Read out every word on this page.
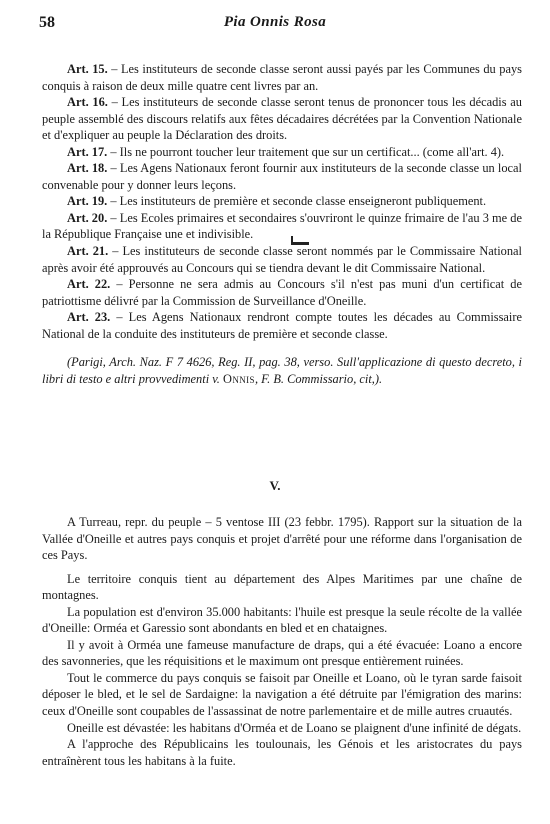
58	Pia Onnis Rosa

Art. 15. – Les instituteurs de seconde classe seront aussi payés par les Communes du pays conquis à raison de deux mille quatre cent livres par an.

Art. 16. – Les instituteurs de seconde classe seront tenus de prononcer tous les décadis au peuple assemblé des discours relatifs aux fêtes décadaires décrétées par la Convention Nationale et d'expliquer au peuple la Déclaration des droits.

Art. 17. – Ils ne pourront toucher leur traitement que sur un certificat... (come all'art. 4).

Art. 18. – Les Agens Nationaux feront fournir aux instituteurs de la seconde classe un local convenable pour y donner leurs leçons.

Art. 19. – Les instituteurs de première et seconde classe enseigneront publiquement.

Art. 20. – Les Ecoles primaires et secondaires s'ouvriront le quinze frimaire de l'au 3 me de la République Française une et indivisible.

Art. 21. – Les instituteurs de seconde classe seront nommés par le Commissaire National après avoir été approuvés au Concours qui se tiendra devant le dit Commissaire National.

Art. 22. – Personne ne sera admis au Concours s'il n'est pas muni d'un certificat de patriottisme délivré par la Commission de Surveillance d'Oneille.

Art. 23. – Les Agens Nationaux rendront compte toutes les décades au Commissaire National de la conduite des instituteurs de première et seconde classe.

(Parigi, Arch. Naz. F 7 4626, Reg. II, pag. 38, verso. Sull'applicazione di questo decreto, i libri di testo e altri provvedimenti v. Onnis, F. B. Commissario, cit,).

V.

A Turreau, repr. du peuple – 5 ventose III (23 febbr. 1795). Rapport sur la situation de la Vallée d'Oneille et autres pays conquis et projet d'arrêté pour une réforme dans l'organisation de ces Pays.

Le territoire conquis tient au département des Alpes Maritimes par une chaîne de montagnes.

La population est d'environ 35.000 habitants: l'huile est presque la seule récolte de la vallée d'Oneille: Orméa et Garessio sont abondants en bled et en chataignes.

Il y avoit à Orméa une fameuse manufacture de draps, qui a été évacuée: Loano a encore des savonneries, que les réquisitions et le maximum ont presque entièrement ruinées.

Tout le commerce du pays conquis se faisoit par Oneille et Loano, où le tyran sarde faisoit déposer le bled, et le sel de Sardaigne: la navigation a été détruite par l'émigration des marins: ceux d'Oneille sont coupables de l'assassinat de notre parlementaire et de mille autres cruautés.

Oneille est dévastée: les habitans d'Orméa et de Loano se plaignent d'une infinité de dégats.

A l'approche des Républicains les toulounais, les Génois et les aristocrates du pays entraînèrent tous les habitans à la fuite.
